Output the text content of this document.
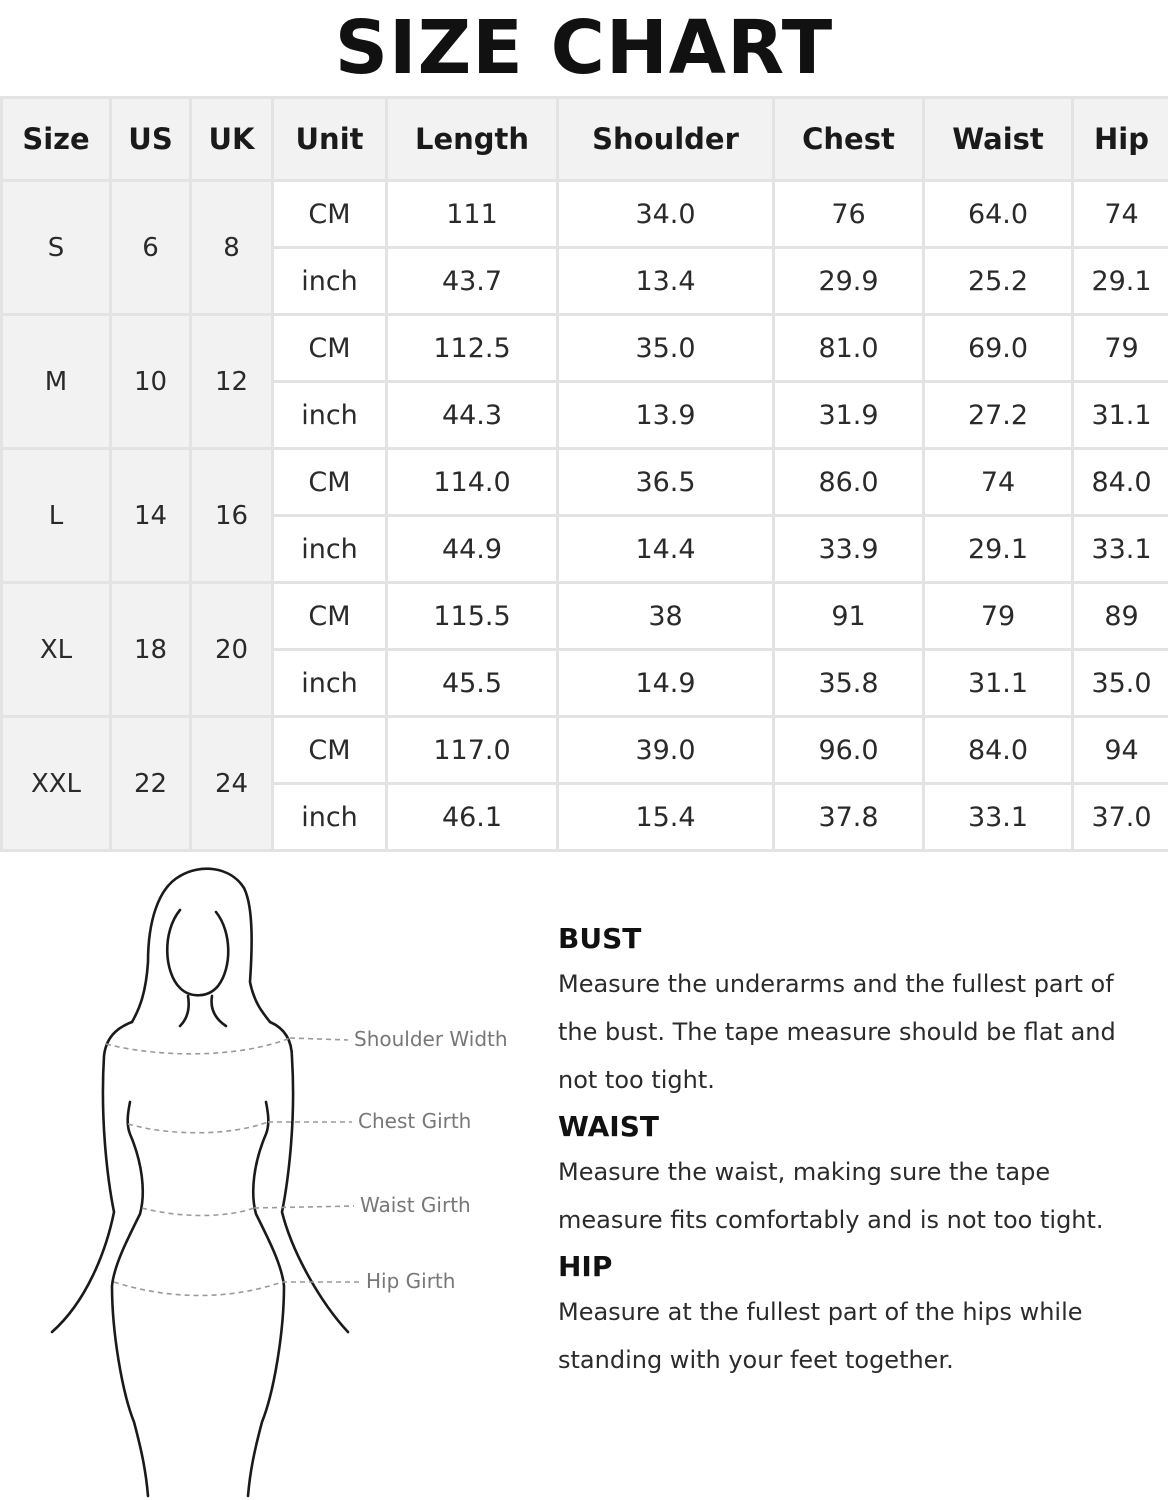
SIZE CHART
Size	US	UK	Unit	Length	Shoulder	Chest	Waist	Hip
S	6	8	CM	111	34.0	76	64.0	74
			inch	43.7	13.4	29.9	25.2	29.1
M	10	12	CM	112.5	35.0	81.0	69.0	79
			inch	44.3	13.9	31.9	27.2	31.1
L	14	16	CM	114.0	36.5	86.0	74	84.0
			inch	44.9	14.4	33.9	29.1	33.1
XL	18	20	CM	115.5	38	91	79	89
			inch	45.5	14.9	35.8	31.1	35.0
XXL	22	24	CM	117.0	39.0	96.0	84.0	94
			inch	46.1	15.4	37.8	33.1	37.0
Shoulder Width
Chest Girth
Waist Girth
Hip Girth
BUST

Measure the underarms and the fullest part of the bust. The tape measure should be flat and not too tight.

WAIST

Measure the waist, making sure the tape measure fits comfortably and is not too tight.

HIP

Measure at the fullest part of the hips while standing with your feet together.
